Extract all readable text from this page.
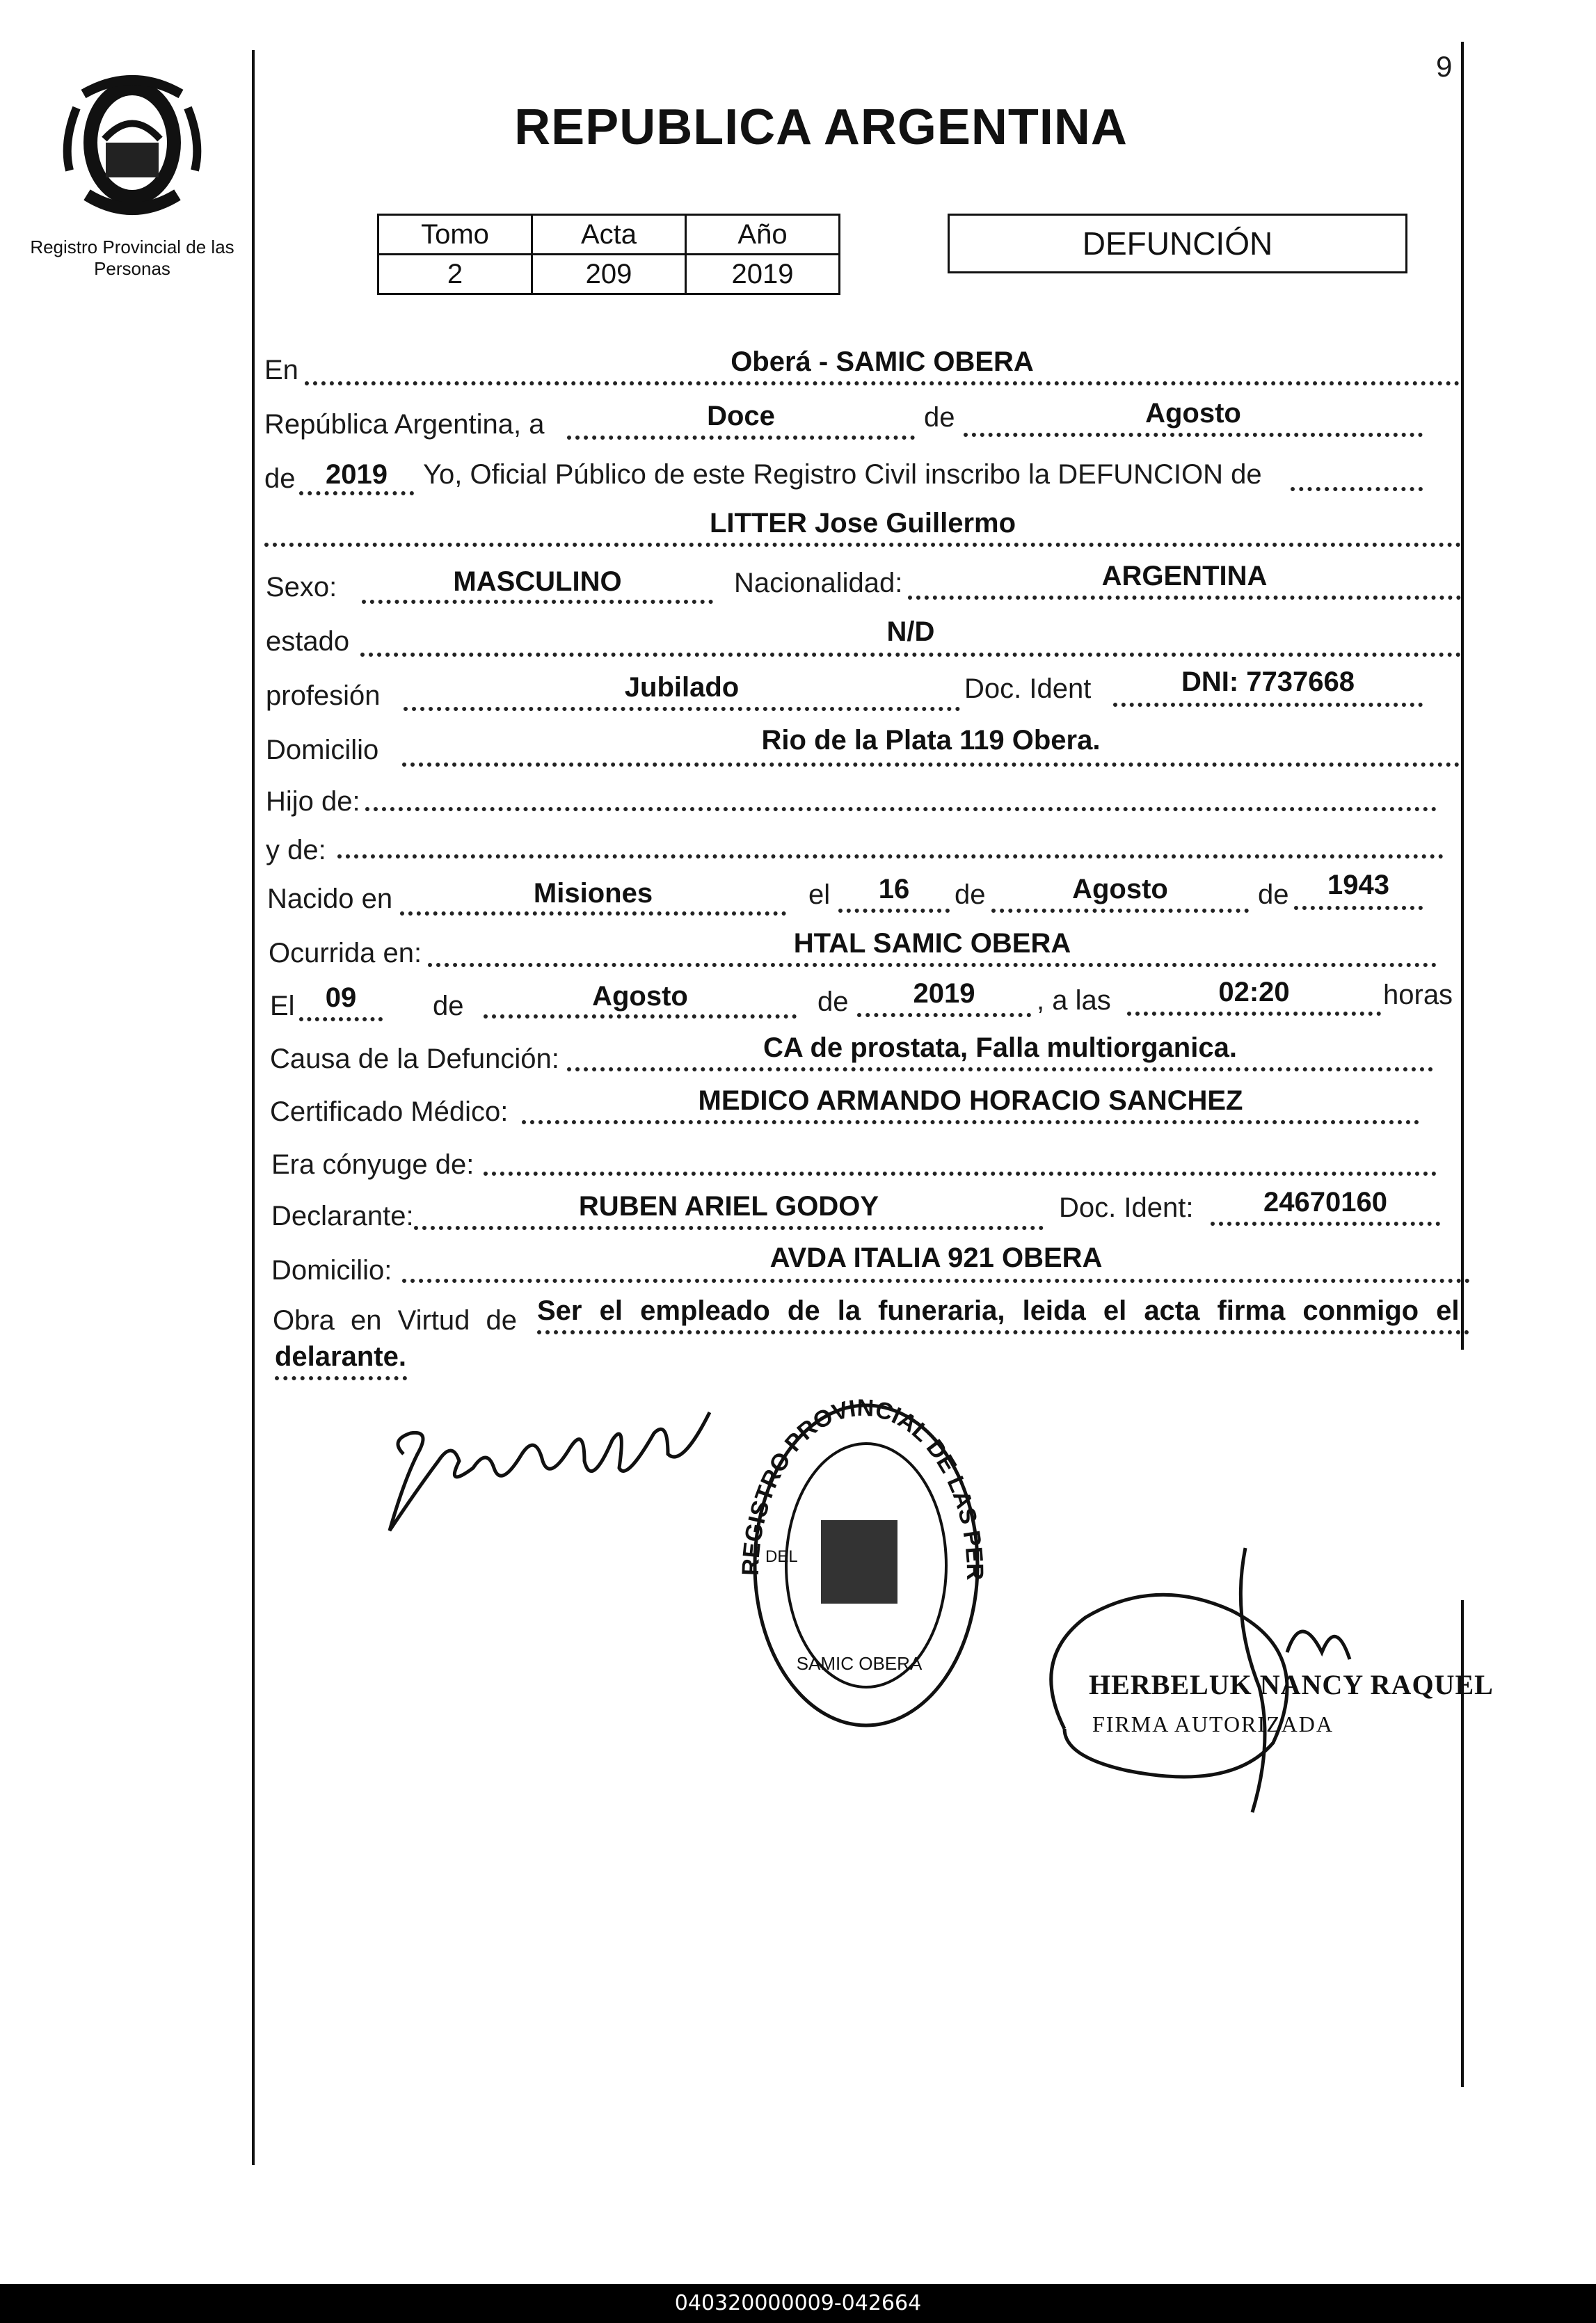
9
Registro Provincial de las Personas
REPUBLICA ARGENTINA
Tomo	Acta	Año
2	209	2019
DEFUNCIÓN
En	Oberá - SAMIC OBERA
República Argentina, a	Doce	de	Agosto
de	2019	Yo, Oficial Público de este Registro Civil inscribo la DEFUNCION de
LITTER Jose Guillermo
Sexo:	MASCULINO	Nacionalidad:	ARGENTINA
estado	N/D
profesión	Jubilado	Doc. Ident	DNI: 7737668
Domicilio	Rio de la Plata 119 Obera.
Hijo de:
y de:
Nacido en	Misiones	el	16	de	Agosto	de	1943
Ocurrida en:	HTAL SAMIC OBERA
El	09	de	Agosto	de	2019	, a las	02:20	horas
Causa de la Defunción:	CA de prostata, Falla multiorganica.
Certificado Médico:	MEDICO ARMANDO HORACIO SANCHEZ
Era cónyuge de:
Declarante:	RUBEN ARIEL GODOY	Doc. Ident:	24670160
Domicilio:	AVDA ITALIA 921 OBERA
Obra en Virtud de Ser el empleado de la funeraria, leida el acta firma conmigo el
delarante.
REGISTRO PROVINCIAL DE LAS PER
SAMIC OBERA
DEL
HERBELUK NANCY RAQUEL
FIRMA AUTORIZADA
040320000009-042664
